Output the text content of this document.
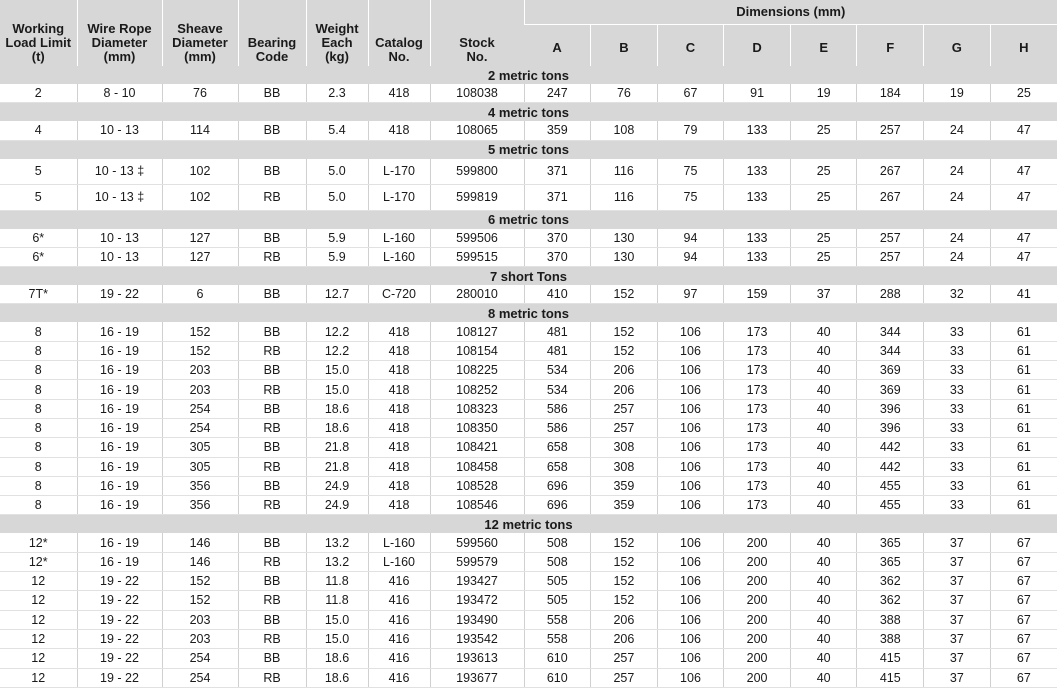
Working
Load Limit
(t)	Wire Rope
Diameter
(mm)	Sheave
Diameter
(mm)	Bearing
Code	Weight
Each
(kg)	Catalog
No.	Stock
No.	Dimensions (mm)							
							A	B	C	D	E	F	G	H
2 metric tons														
2	8 - 10	76	BB	2.3	418	108038	247	76	67	91	19	184	19	25
4 metric tons														
4	10 - 13	114	BB	5.4	418	108065	359	108	79	133	25	257	24	47
5 metric tons														
5	10 - 13 ‡	102	BB	5.0	L-170	599800	371	116	75	133	25	267	24	47
5	10 - 13 ‡	102	RB	5.0	L-170	599819	371	116	75	133	25	267	24	47
6 metric tons														
6*	10 - 13	127	BB	5.9	L-160	599506	370	130	94	133	25	257	24	47
6*	10 - 13	127	RB	5.9	L-160	599515	370	130	94	133	25	257	24	47
7 short Tons														
7T*	19 - 22	6	BB	12.7	C-720	280010	410	152	97	159	37	288	32	41
8 metric tons														
8	16 - 19	152	BB	12.2	418	108127	481	152	106	173	40	344	33	61
8	16 - 19	152	RB	12.2	418	108154	481	152	106	173	40	344	33	61
8	16 - 19	203	BB	15.0	418	108225	534	206	106	173	40	369	33	61
8	16 - 19	203	RB	15.0	418	108252	534	206	106	173	40	369	33	61
8	16 - 19	254	BB	18.6	418	108323	586	257	106	173	40	396	33	61
8	16 - 19	254	RB	18.6	418	108350	586	257	106	173	40	396	33	61
8	16 - 19	305	BB	21.8	418	108421	658	308	106	173	40	442	33	61
8	16 - 19	305	RB	21.8	418	108458	658	308	106	173	40	442	33	61
8	16 - 19	356	BB	24.9	418	108528	696	359	106	173	40	455	33	61
8	16 - 19	356	RB	24.9	418	108546	696	359	106	173	40	455	33	61
12 metric tons														
12*	16 - 19	146	BB	13.2	L-160	599560	508	152	106	200	40	365	37	67
12*	16 - 19	146	RB	13.2	L-160	599579	508	152	106	200	40	365	37	67
12	19 - 22	152	BB	11.8	416	193427	505	152	106	200	40	362	37	67
12	19 - 22	152	RB	11.8	416	193472	505	152	106	200	40	362	37	67
12	19 - 22	203	BB	15.0	416	193490	558	206	106	200	40	388	37	67
12	19 - 22	203	RB	15.0	416	193542	558	206	106	200	40	388	37	67
12	19 - 22	254	BB	18.6	416	193613	610	257	106	200	40	415	37	67
12	19 - 22	254	RB	18.6	416	193677	610	257	106	200	40	415	37	67
